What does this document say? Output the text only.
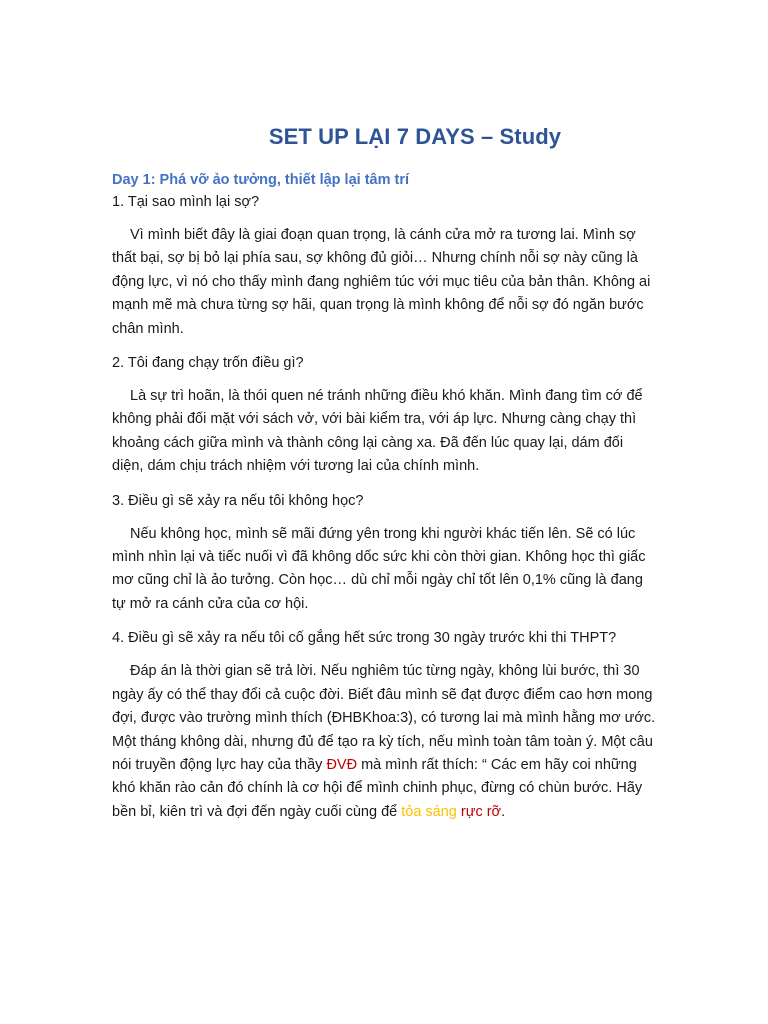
SET UP LẠI 7 DAYS – Study

Day 1: Phá vỡ ảo tưởng, thiết lập lại tâm trí

1. Tại sao mình lại sợ?

Vì mình biết đây là giai đoạn quan trọng, là cánh cửa mở ra tương lai. Mình sợ thất bại, sợ bị bỏ lại phía sau, sợ không đủ giỏi… Nhưng chính nỗi sợ này cũng là động lực, vì nó cho thấy mình đang nghiêm túc với mục tiêu của bản thân. Không ai mạnh mẽ mà chưa từng sợ hãi, quan trọng là mình không để nỗi sợ đó ngăn bước chân mình.

2. Tôi đang chạy trốn điều gì?

Là sự trì hoãn, là thói quen né tránh những điều khó khăn. Mình đang tìm cớ để không phải đối mặt với sách vở, với bài kiểm tra, với áp lực. Nhưng càng chạy thì khoảng cách giữa mình và thành công lại càng xa. Đã đến lúc quay lại, dám đối diện, dám chịu trách nhiệm với tương lai của chính mình.

3. Điều gì sẽ xảy ra nếu tôi không học?

Nếu không học, mình sẽ mãi đứng yên trong khi người khác tiến lên. Sẽ có lúc mình nhìn lại và tiếc nuối vì đã không dốc sức khi còn thời gian. Không học thì giấc mơ cũng chỉ là ảo tưởng. Còn học… dù chỉ mỗi ngày chỉ tốt lên 0,1% cũng là đang tự mở ra cánh cửa của cơ hội.

4. Điều gì sẽ xảy ra nếu tôi cố gắng hết sức trong 30 ngày trước khi thi THPT?

Đáp án là thời gian sẽ trả lời. Nếu nghiêm túc từng ngày, không lùi bước, thì 30 ngày ấy có thể thay đổi cả cuộc đời. Biết đâu mình sẽ đạt được điểm cao hơn mong đợi, được vào trường mình thích (ĐHBKhoa:3), có tương lai mà mình hằng mơ ước. Một tháng không dài, nhưng đủ để tạo ra kỳ tích, nếu mình toàn tâm toàn ý. Một câu nói truyền động lực hay của thầy ĐVĐ mà mình rất thích: “ Các em hãy coi những khó khăn rào cản đó chính là cơ hội để mình chinh phục, đừng có chùn bước. Hãy bền bỉ, kiên trì và đợi đến ngày cuối cùng để tỏa sáng rực rỡ.
